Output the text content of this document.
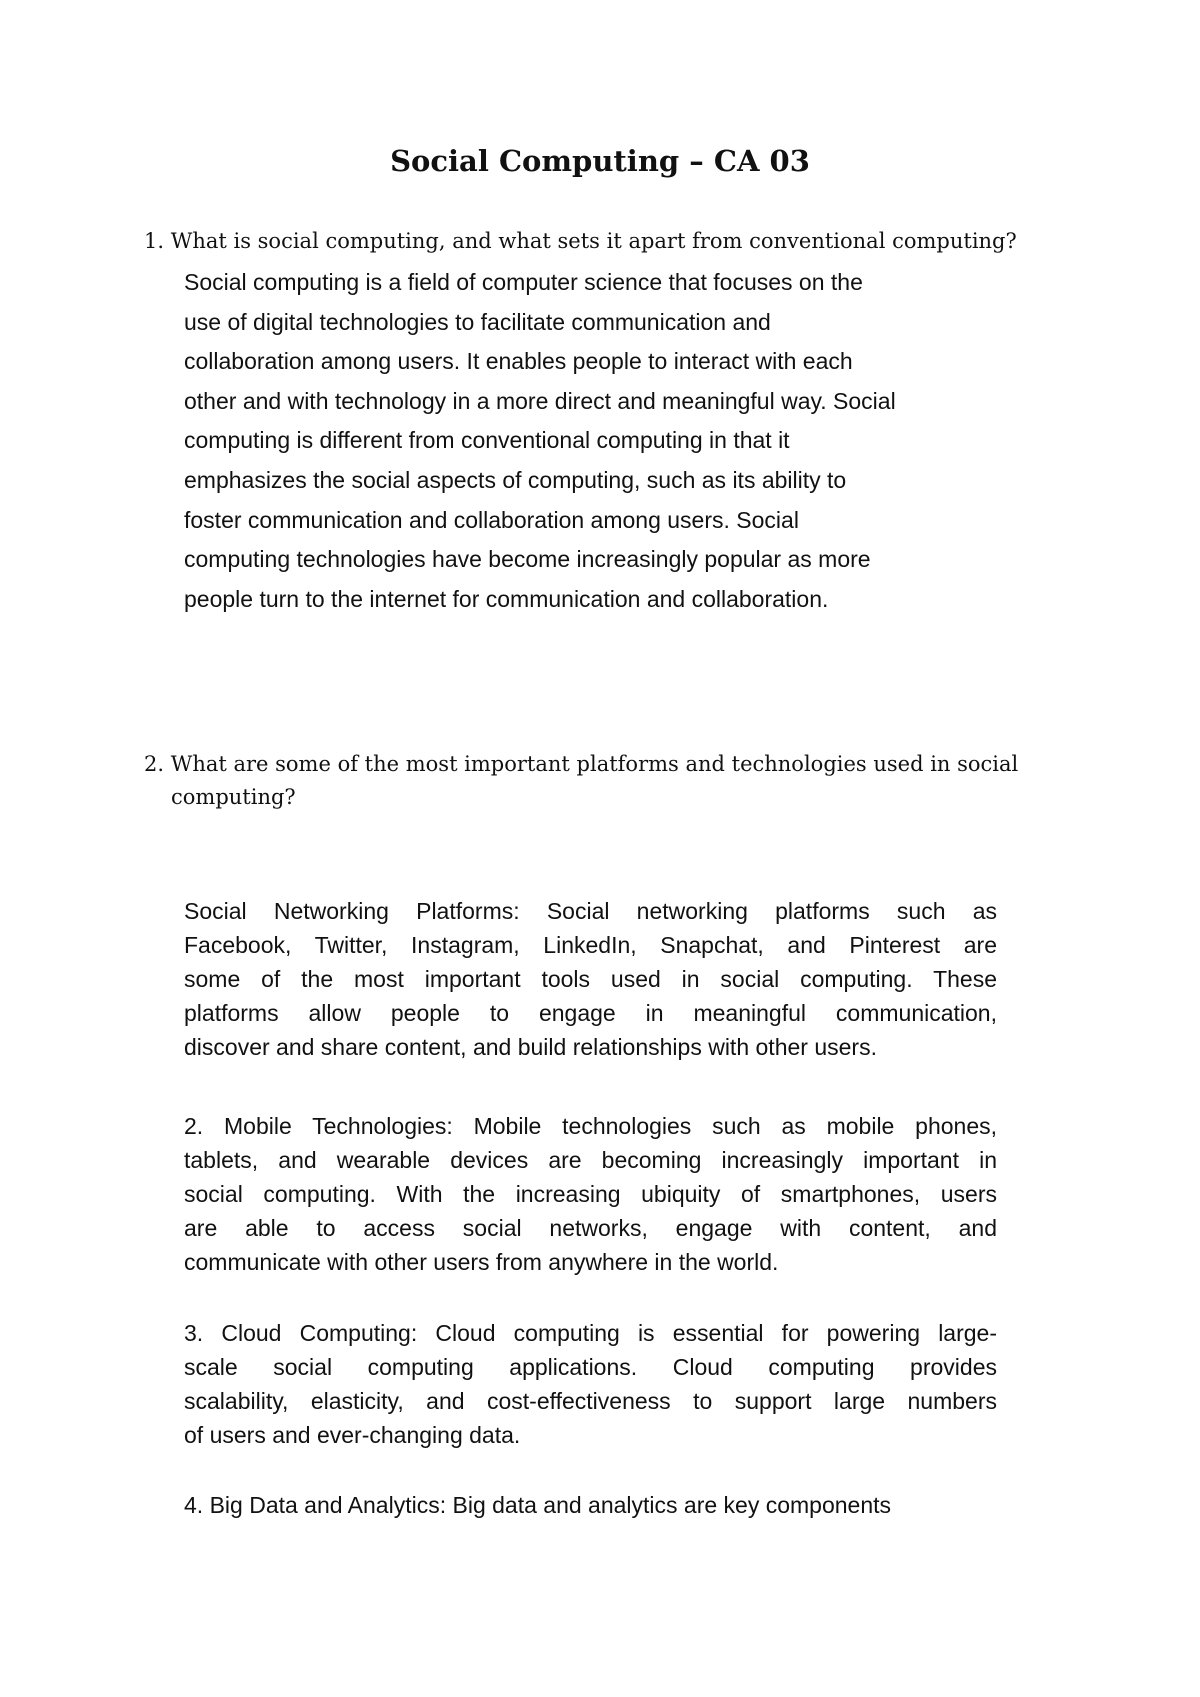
Social Computing – CA 03
1. What is social computing, and what sets it apart from conventional computing?
Social computing is a field of computer science that focuses on the
use of digital technologies to facilitate communication and
collaboration among users. It enables people to interact with each
other and with technology in a more direct and meaningful way. Social
computing is different from conventional computing in that it
emphasizes the social aspects of computing, such as its ability to
foster communication and collaboration among users. Social
computing technologies have become increasingly popular as more
people turn to the internet for communication and collaboration.
2. What are some of the most important platforms and technologies used in social computing?
Social Networking Platforms: Social networking platforms such as
Facebook, Twitter, Instagram, LinkedIn, Snapchat, and Pinterest are
some of the most important tools used in social computing. These
platforms allow people to engage in meaningful communication,
discover and share content, and build relationships with other users.
2. Mobile Technologies: Mobile technologies such as mobile phones,
tablets, and wearable devices are becoming increasingly important in
social computing. With the increasing ubiquity of smartphones, users
are able to access social networks, engage with content, and
communicate with other users from anywhere in the world.
3. Cloud Computing: Cloud computing is essential for powering large-
scale social computing applications. Cloud computing provides
scalability, elasticity, and cost-effectiveness to support large numbers
of users and ever-changing data.
4. Big Data and Analytics: Big data and analytics are key components
